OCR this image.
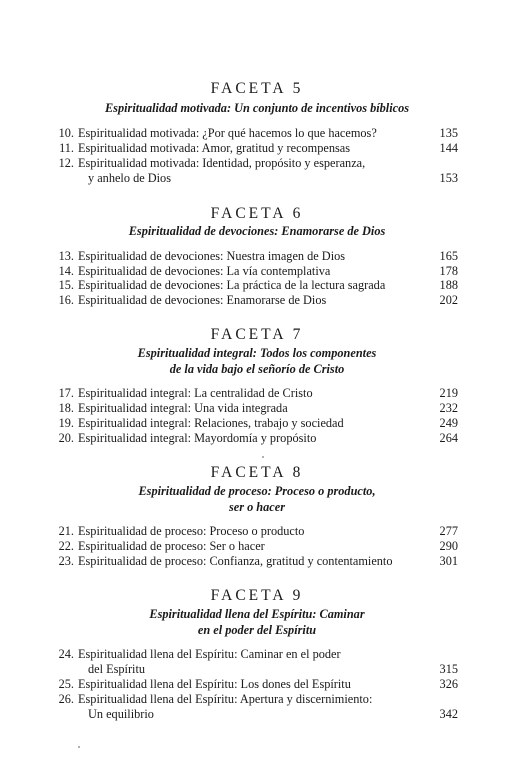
FACETA 5
Espiritualidad motivada: Un conjunto de incentivos bíblicos
10. Espiritualidad motivada: ¿Por qué hacemos lo que hacemos?	135
11. Espiritualidad motivada: Amor, gratitud y recompensas	144
12. Espiritualidad motivada: Identidad, propósito y esperanza,
y anhelo de Dios	153
FACETA 6
Espiritualidad de devociones: Enamorarse de Dios
13. Espiritualidad de devociones: Nuestra imagen de Dios	165
14. Espiritualidad de devociones: La vía contemplativa	178
15. Espiritualidad de devociones: La práctica de la lectura sagrada	188
16. Espiritualidad de devociones: Enamorarse de Dios	202
FACETA 7
Espiritualidad integral: Todos los componentes
de la vida bajo el señorío de Cristo
17. Espiritualidad integral: La centralidad de Cristo	219
18. Espiritualidad integral: Una vida integrada	232
19. Espiritualidad integral: Relaciones, trabajo y sociedad	249
20. Espiritualidad integral: Mayordomía y propósito	264
FACETA 8
Espiritualidad de proceso: Proceso o producto,
ser o hacer
21. Espiritualidad de proceso: Proceso o producto	277
22. Espiritualidad de proceso: Ser o hacer	290
23. Espiritualidad de proceso: Confianza, gratitud y contentamiento	301
FACETA 9
Espiritualidad llena del Espíritu: Caminar
en el poder del Espíritu
24. Espiritualidad llena del Espíritu: Caminar en el poder
del Espíritu	315
25. Espiritualidad llena del Espíritu: Los dones del Espíritu	326
26. Espiritualidad llena del Espíritu: Apertura y discernimiento:
Un equilibrio	342
